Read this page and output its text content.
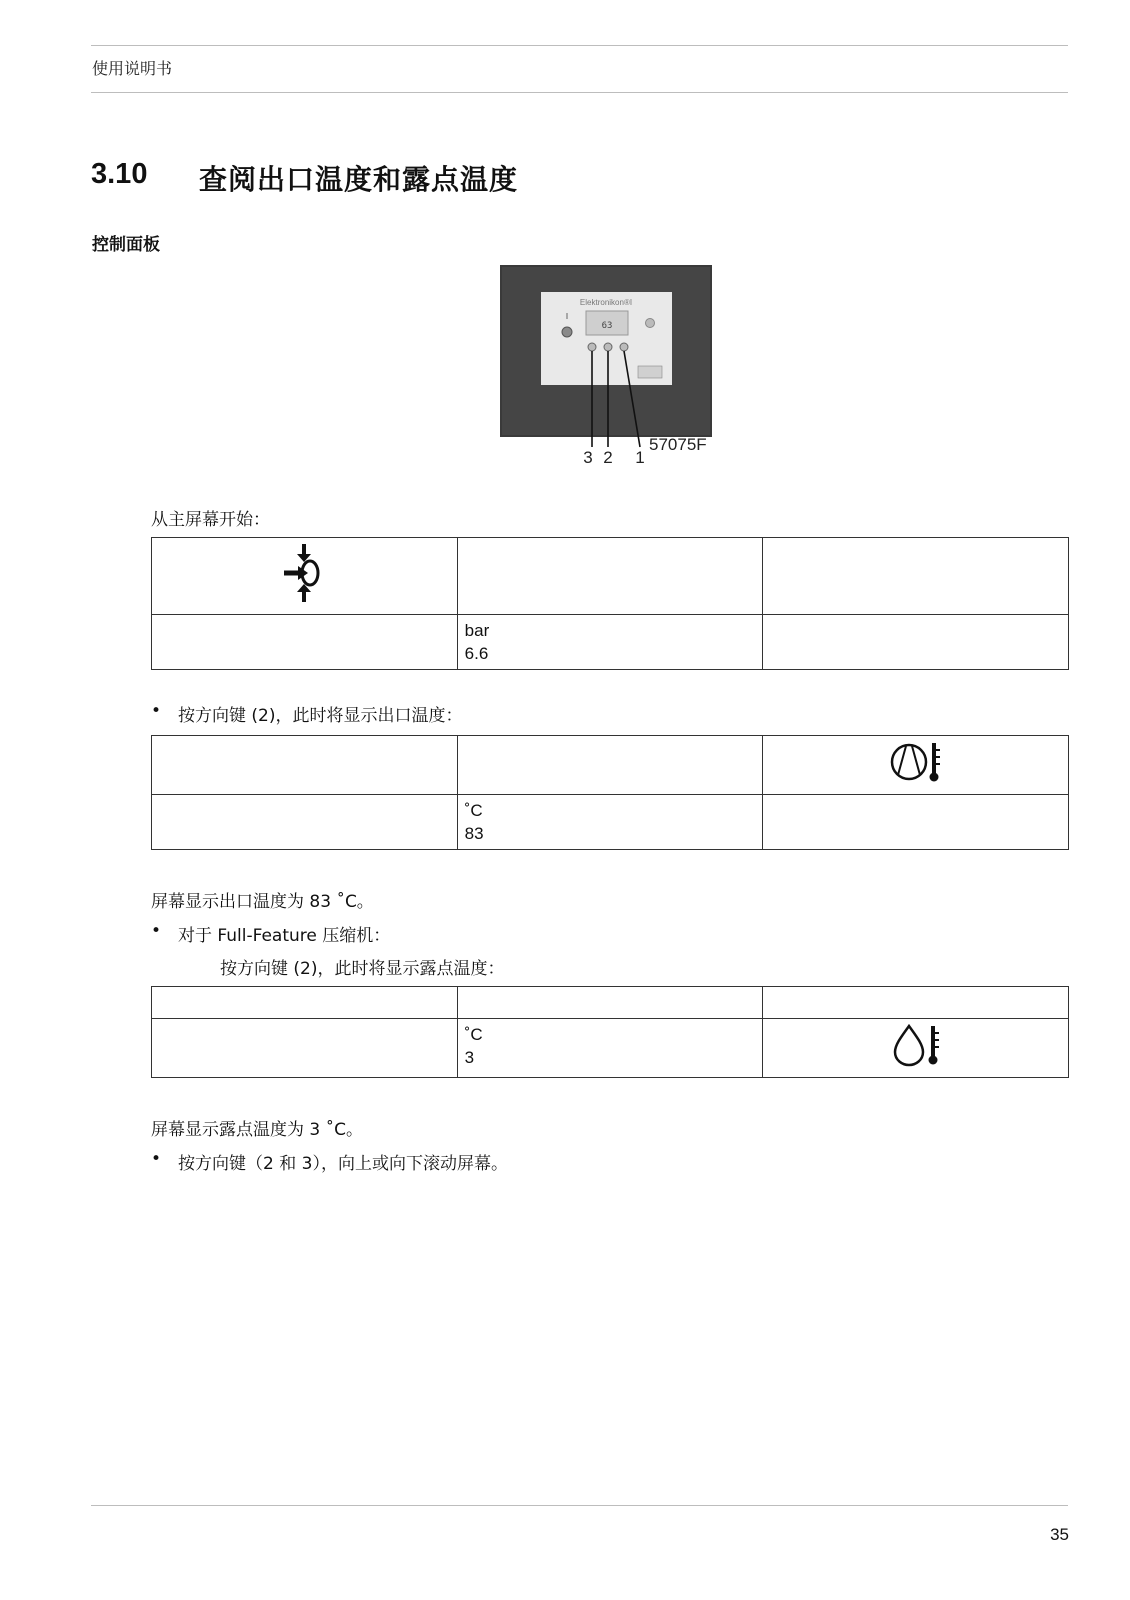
使用说明书
3.10 查阅出口温度和露点温度
控制面板
Elektronikon®I
63
3 2 1
57075F
从主屏幕开始：

	bar
6.6	

• 按方向键 (2)，此时将显示出口温度：

	˚C
83	

屏幕显示出口温度为 83 ˚C。
• 对于 Full-Feature 压缩机：
按方向键 (2)，此时将显示露点温度：

	˚C
3

屏幕显示露点温度为 3 ˚C。
• 按方向键（2 和 3），向上或向下滚动屏幕。
35
